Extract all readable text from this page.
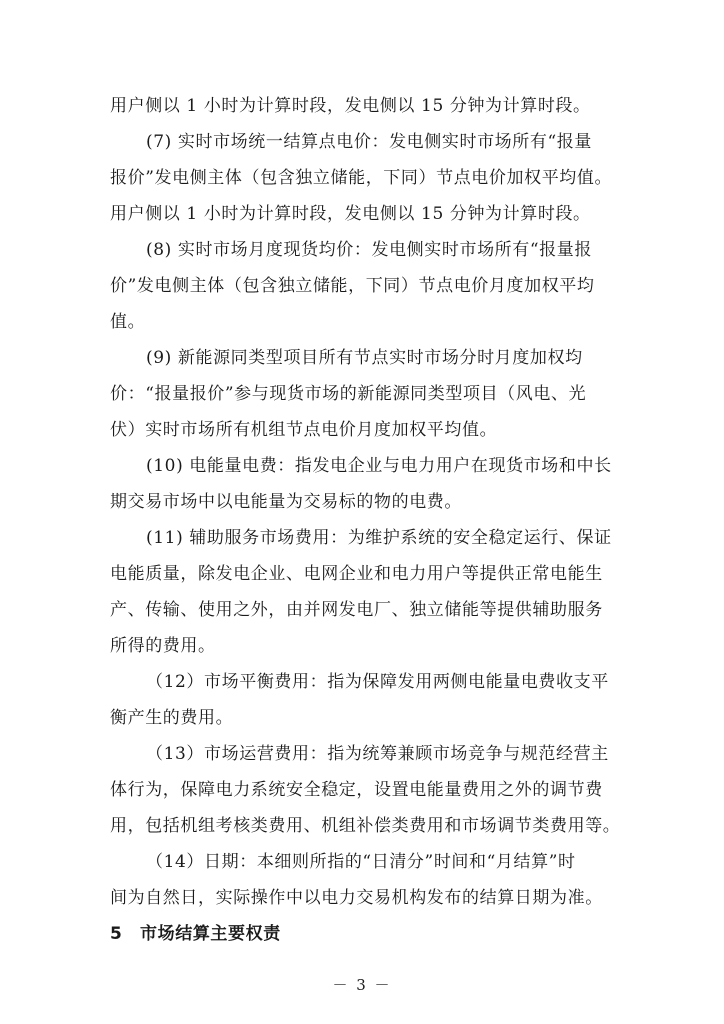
用户侧以 1 小时为计算时段，发电侧以 15 分钟为计算时段。
(7) 实时市场统一结算点电价：发电侧实时市场所有“报量
报价”发电侧主体（包含独立储能，下同）节点电价加权平均值。
用户侧以 1 小时为计算时段，发电侧以 15 分钟为计算时段。
(8) 实时市场月度现货均价：发电侧实时市场所有“报量报
价”发电侧主体（包含独立储能，下同）节点电价月度加权平均
值。
(9) 新能源同类型项目所有节点实时市场分时月度加权均
价：“报量报价”参与现货市场的新能源同类型项目（风电、光
伏）实时市场所有机组节点电价月度加权平均值。
(10) 电能量电费：指发电企业与电力用户在现货市场和中长
期交易市场中以电能量为交易标的物的电费。
(11) 辅助服务市场费用：为维护系统的安全稳定运行、保证
电能质量，除发电企业、电网企业和电力用户等提供正常电能生
产、传输、使用之外，由并网发电厂、独立储能等提供辅助服务
所得的费用。
（12）市场平衡费用：指为保障发用两侧电能量电费收支平
衡产生的费用。
（13）市场运营费用：指为统筹兼顾市场竞争与规范经营主
体行为，保障电力系统安全稳定，设置电能量费用之外的调节费
用，包括机组考核类费用、机组补偿类费用和市场调节类费用等。
（14）日期：本细则所指的“日清分”时间和“月结算”时
间为自然日，实际操作中以电力交易机构发布的结算日期为准。
5　市场结算主要权责
－ 3 －
